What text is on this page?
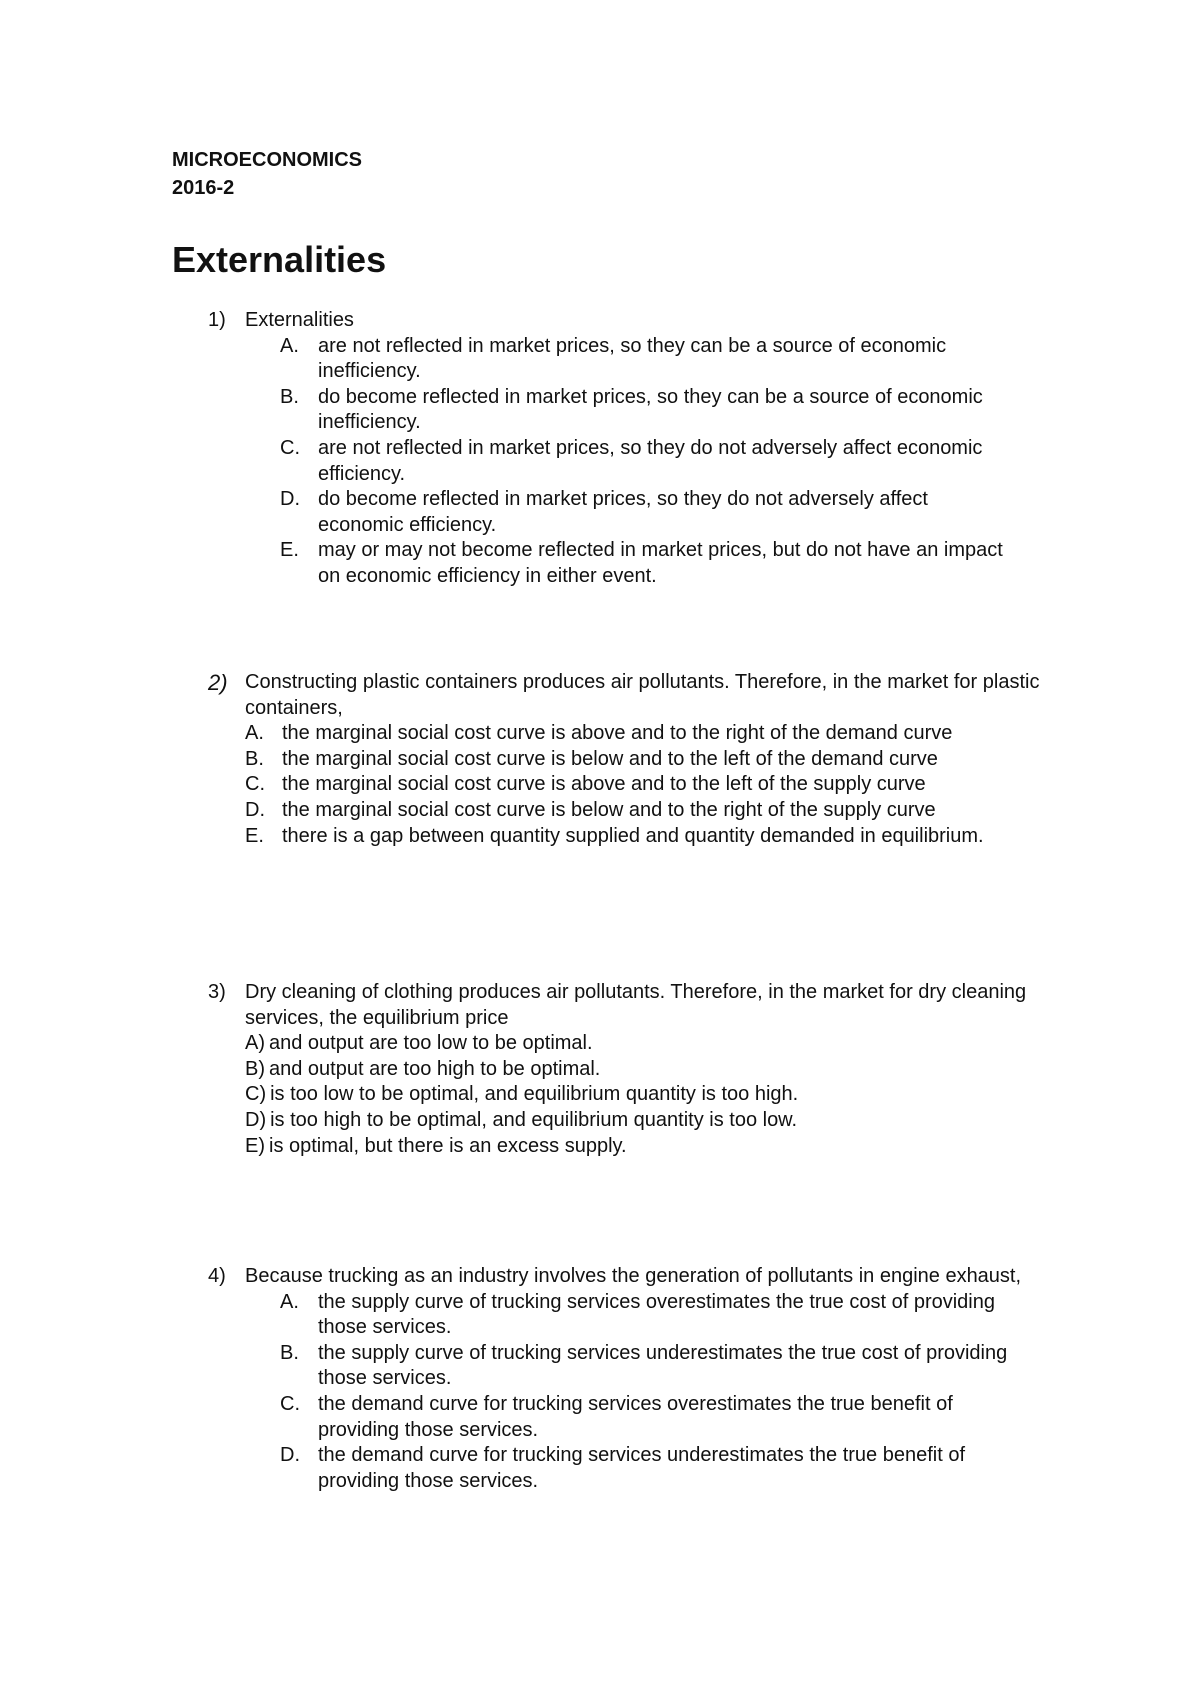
MICROECONOMICS
2016-2
Externalities
1) Externalities
A. are not reflected in market prices, so they can be a source of economic inefficiency.
B. do become reflected in market prices, so they can be a source of economic inefficiency.
C. are not reflected in market prices, so they do not adversely affect economic efficiency.
D. do become reflected in market prices, so they do not adversely affect economic efficiency.
E. may or may not become reflected in market prices, but do not have an impact on economic efficiency in either event.
2) Constructing plastic containers produces air pollutants. Therefore, in the market for plastic containers,
A. the marginal social cost curve is above and to the right of the demand curve
B. the marginal social cost curve is below and to the left of the demand curve
C. the marginal social cost curve is above and to the left of the supply curve
D. the marginal social cost curve is below and to the right of the supply curve
E. there is a gap between quantity supplied and quantity demanded in equilibrium.
3) Dry cleaning of clothing produces air pollutants. Therefore, in the market for dry cleaning services, the equilibrium price
A) and output are too low to be optimal.
B) and output are too high to be optimal.
C) is too low to be optimal, and equilibrium quantity is too high.
D) is too high to be optimal, and equilibrium quantity is too low.
E) is optimal, but there is an excess supply.
4) Because trucking as an industry involves the generation of pollutants in engine exhaust,
A. the supply curve of trucking services overestimates the true cost of providing those services.
B. the supply curve of trucking services underestimates the true cost of providing those services.
C. the demand curve for trucking services overestimates the true benefit of providing those services.
D. the demand curve for trucking services underestimates the true benefit of providing those services.
